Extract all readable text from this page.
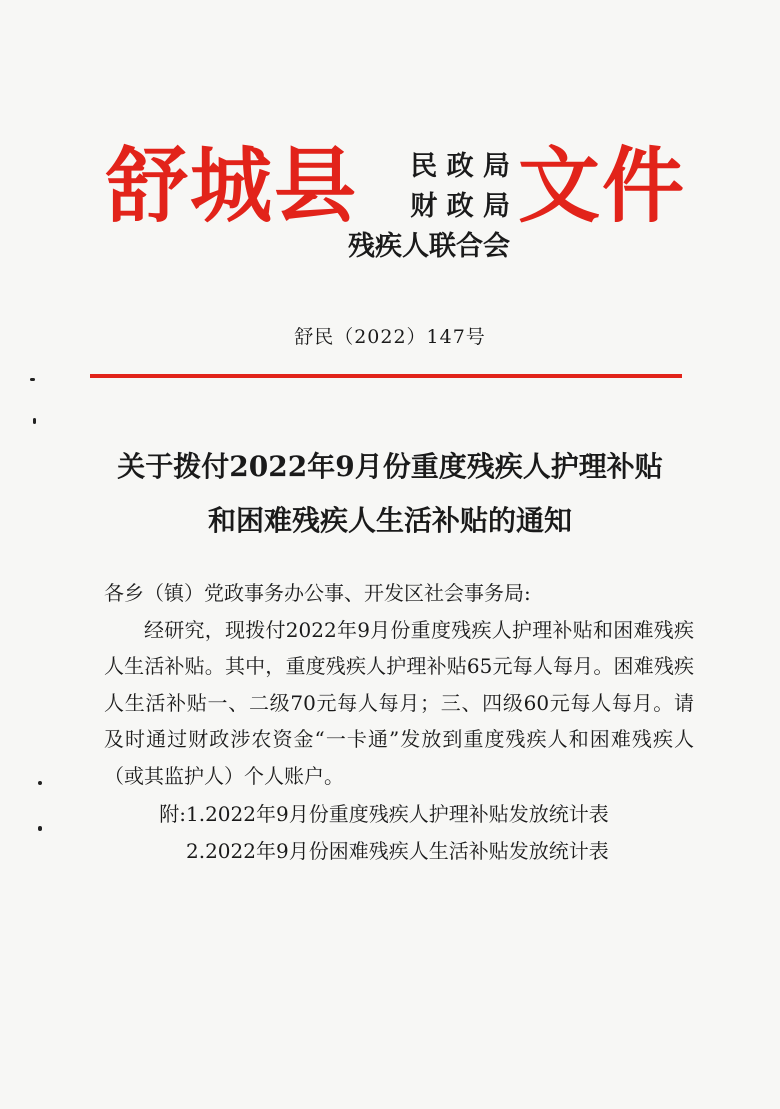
舒城县	民 政 局
财 政 局
残疾人联合会
文件
舒民（2022）147号
关于拨付2022年9月份重度残疾人护理补贴
和困难残疾人生活补贴的通知
各乡（镇）党政事务办公事、开发区社会事务局:

经研究，现拨付2022年9月份重度残疾人护理补贴和困难残疾人生活补贴。其中，重度残疾人护理补贴65元每人每月。困难残疾人生活补贴一、二级70元每人每月；三、四级60元每人每月。请及时通过财政涉农资金“一卡通”发放到重度残疾人和困难残疾人（或其监护人）个人账户。

附:1.2022年9月份重度残疾人护理补贴发放统计表
2.2022年9月份困难残疾人生活补贴发放统计表
